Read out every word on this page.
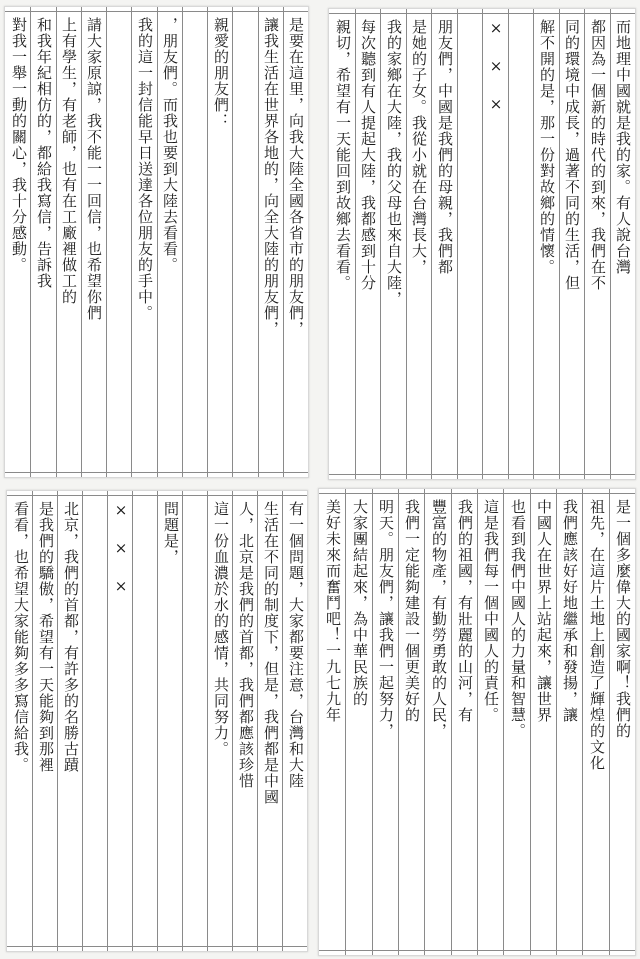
是要在這里，向我大陸全國各省市的朋友們，
讓我生活在世界各地的，向全大陸的朋友們，
親愛的朋友們：
，朋友們。而我也要到大陸去看看。
我的這一封信能早日送達各位朋友的手中。
請大家原諒，我不能一一回信，也希望你們
上有學生，有老師，也有在工廠裡做工的
和我年紀相仿的，都給我寫信，告訴我
對我一舉一動的關心，我十分感動。	而地理中國就是我的家。有人說台灣
都因為一個新的時代的到來，我們在不
同的環境中成長，過著不同的生活，但
解不開的是，那一份對故鄉的情懷。
× × ×
朋友們，中國是我們的母親，我們都
是她的子女。我從小就在台灣長大，
我的家鄉在大陸，我的父母也來自大陸，
每次聽到有人提起大陸，我都感到十分
親切，希望有一天能回到故鄉去看看。
有一個問題，大家都要注意，台灣和大陸
生活在不同的制度下，但是，我們都是中國
人，北京是我們的首都，我們都應該珍惜
這一份血濃於水的感情，共同努力。
問題是，
× × ×
北京，我們的首都，有許多的名勝古蹟
是我們的驕傲，希望有一天能夠到那裡
看看，也希望大家能夠多多寫信給我。	是一個多麼偉大的國家啊！我們的
祖先，在這片土地上創造了輝煌的文化
我們應該好好地繼承和發揚，讓
中國人在世界上站起來，讓世界
也看到我們中國人的力量和智慧。
這是我們每一個中國人的責任。
我們的祖國，有壯麗的山河，有
豐富的物產，有勤勞勇敢的人民，
我們一定能夠建設一個更美好的
明天。朋友們，讓我們一起努力，
大家團結起來，為中華民族的
美好未來而奮鬥吧！一九七九年
